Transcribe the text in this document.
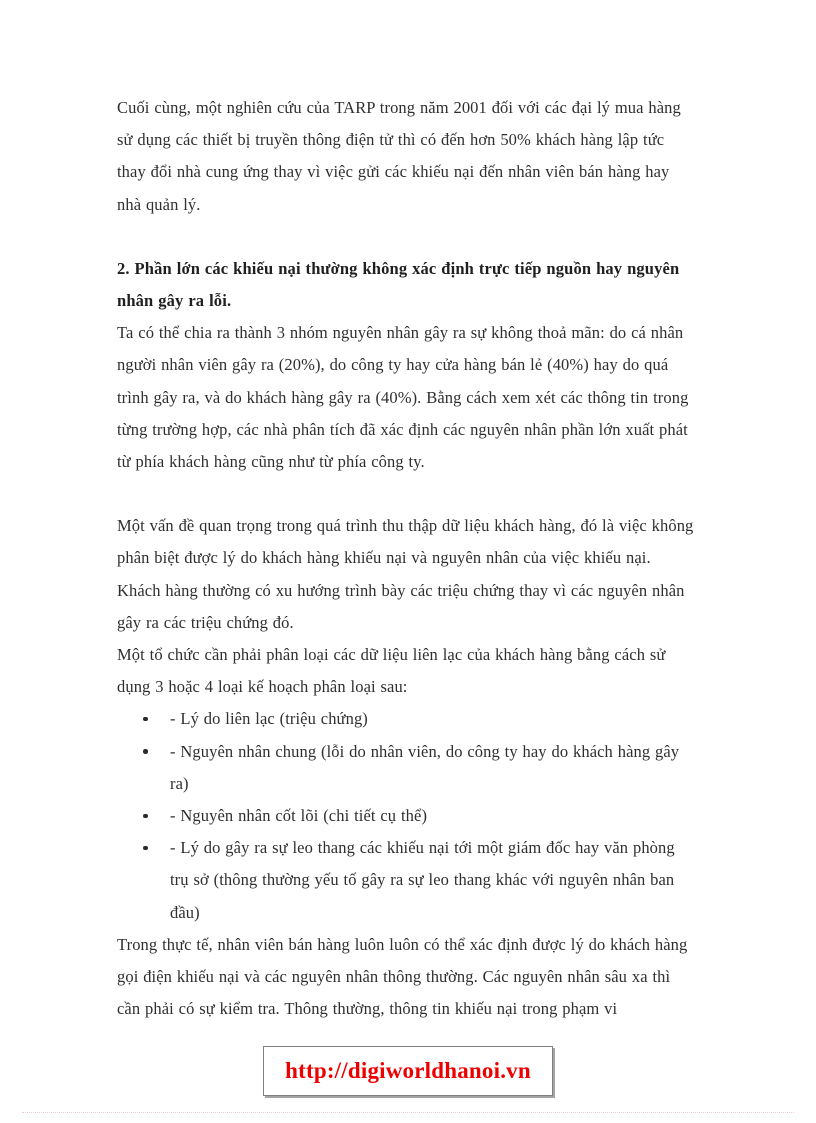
Cuối cùng, một nghiên cứu của TARP trong năm 2001 đối với các đại lý mua hàng sử dụng các thiết bị truyền thông điện tử thì có đến hơn 50% khách hàng lập tức thay đổi nhà cung ứng thay vì việc gửi các khiếu nại đến nhân viên bán hàng hay nhà quản lý.

2. Phần lớn các khiếu nại thường không xác định trực tiếp nguồn hay nguyên nhân gây ra lỗi.

Ta có thể chia ra thành 3 nhóm nguyên nhân gây ra sự không thoả mãn: do cá nhân người nhân viên gây ra (20%), do công ty hay cửa hàng bán lẻ (40%) hay do quá trình gây ra, và do khách hàng gây ra (40%). Bằng cách xem xét các thông tin trong từng trường hợp, các nhà phân tích đã xác định các nguyên nhân phần lớn xuất phát từ phía khách hàng cũng như từ phía công ty.

Một vấn đề quan trọng trong quá trình thu thập dữ liệu khách hàng, đó là việc không phân biệt được lý do khách hàng khiếu nại và nguyên nhân của việc khiếu nại. Khách hàng thường có xu hướng trình bày các triệu chứng thay vì các nguyên nhân gây ra các triệu chứng đó.

Một tổ chức cần phải phân loại các dữ liệu liên lạc của khách hàng bằng cách sử dụng 3 hoặc 4 loại kế hoạch phân loại sau:

- Lý do liên lạc (triệu chứng)
- Nguyên nhân chung (lỗi do nhân viên, do công ty hay do khách hàng gây ra)
- Nguyên nhân cốt lõi (chi tiết cụ thể)
- Lý do gây ra sự leo thang các khiếu nại tới một giám đốc hay văn phòng trụ sở (thông thường yếu tố gây ra sự leo thang khác với nguyên nhân ban đầu)

Trong thực tế, nhân viên bán hàng luôn luôn có thể xác định được lý do khách hàng gọi điện khiếu nại và các nguyên nhân thông thường. Các nguyên nhân sâu xa thì cần phải có sự kiểm tra. Thông thường, thông tin khiếu nại trong phạm vi

http://digiworldhanoi.vn
